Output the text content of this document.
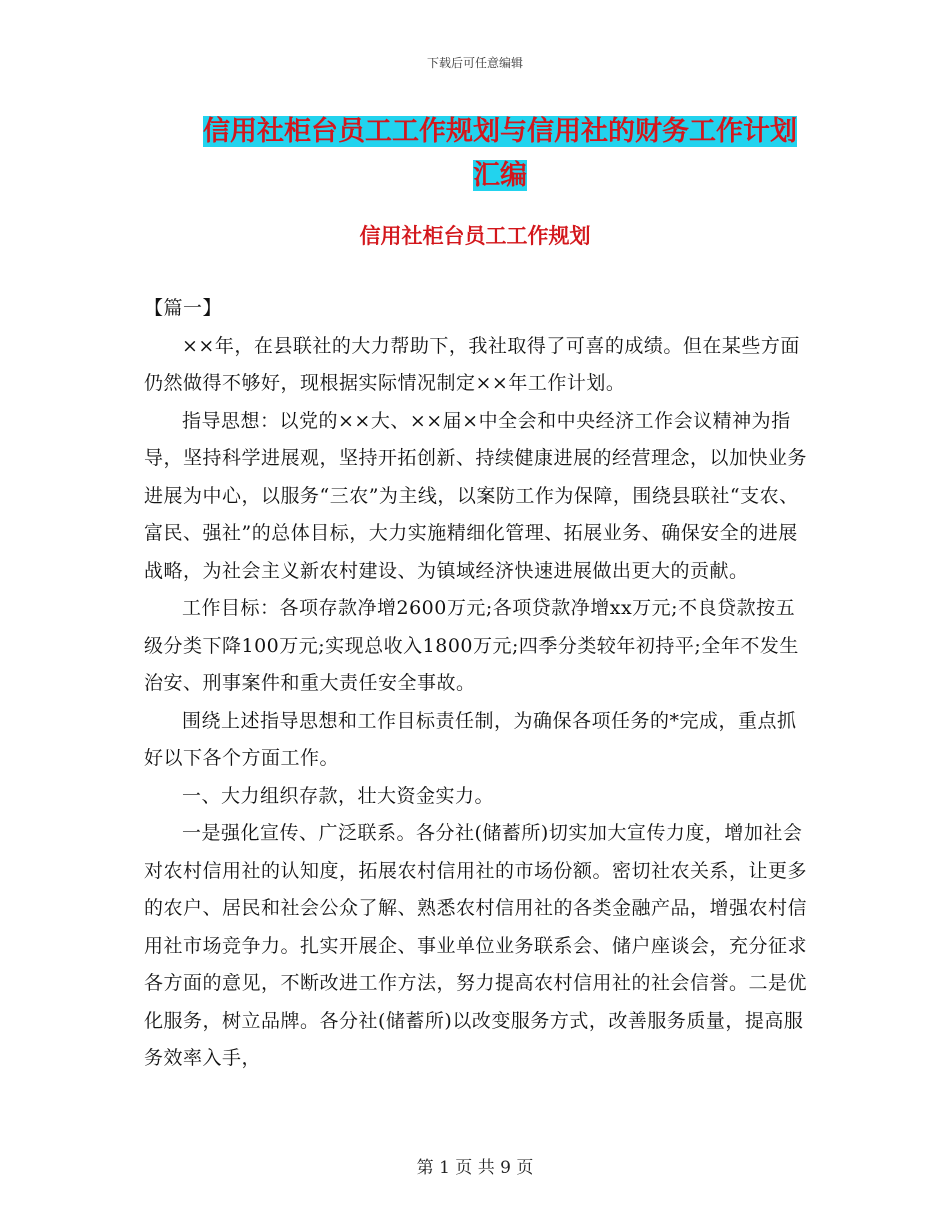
下载后可任意编辑
信用社柜台员工工作规划与信用社的财务工作计划汇编
信用社柜台员工工作规划

【篇一】

××年，在县联社的大力帮助下，我社取得了可喜的成绩。但在某些方面仍然做得不够好，现根据实际情况制定××年工作计划。

指导思想：以党的××大、××届×中全会和中央经济工作会议精神为指导，坚持科学进展观，坚持开拓创新、持续健康进展的经营理念，以加快业务进展为中心，以服务“三农”为主线，以案防工作为保障，围绕县联社“支农、富民、强社”的总体目标，大力实施精细化管理、拓展业务、确保安全的进展战略，为社会主义新农村建设、为镇域经济快速进展做出更大的贡献。

工作目标：各项存款净增2600万元;各项贷款净增xx万元;不良贷款按五级分类下降100万元;实现总收入1800万元;四季分类较年初持平;全年不发生治安、刑事案件和重大责任安全事故。

围绕上述指导思想和工作目标责任制，为确保各项任务的*完成，重点抓好以下各个方面工作。

一、大力组织存款，壮大资金实力。

一是强化宣传、广泛联系。各分社(储蓄所)切实加大宣传力度，增加社会对农村信用社的认知度，拓展农村信用社的市场份额。密切社农关系，让更多的农户、居民和社会公众了解、熟悉农村信用社的各类金融产品，增强农村信用社市场竞争力。扎实开展企、事业单位业务联系会、储户座谈会，充分征求各方面的意见，不断改进工作方法，努力提高农村信用社的社会信誉。二是优化服务，树立品牌。各分社(储蓄所)以改变服务方式，改善服务质量，提高服务效率入手，

第 1 页 共 9 页
